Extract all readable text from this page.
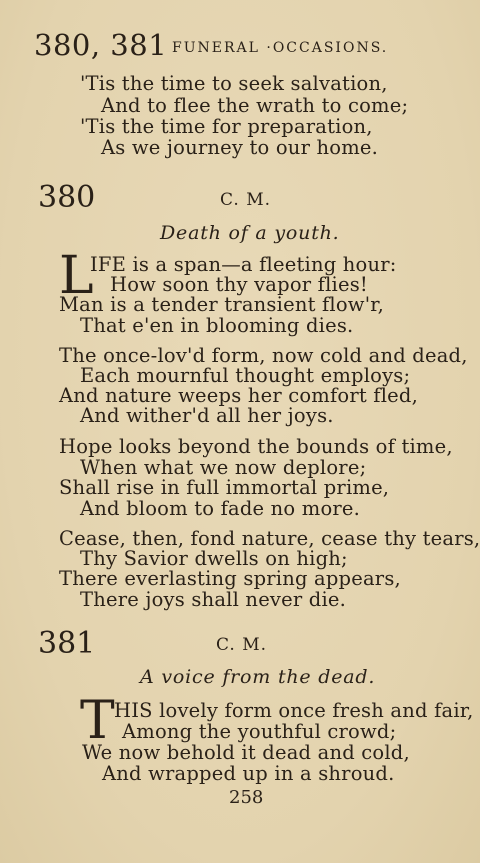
380, 381 FUNERAL ·OCCASIONS.
'Tis the time to seek salvation,
And to flee the wrath to come;
'Tis the time for preparation,
As we journey to our home.
380	C. M.
Death of a youth.
L
IFE is a span—a fleeting hour:
How soon thy vapor flies!
Man is a tender transient flow'r,
That e'en in blooming dies.
The once-lov'd form, now cold and dead,
Each mournful thought employs;
And nature weeps her comfort fled,
And wither'd all her joys.
Hope looks beyond the bounds of time,
When what we now deplore;
Shall rise in full immortal prime,
And bloom to fade no more.
Cease, then, fond nature, cease thy tears,
Thy Savior dwells on high;
There everlasting spring appears,
There joys shall never die.
381	C. M.
A voice from the dead.
T HIS lovely form once fresh and fair,
Among the youthful crowd;
We now behold it dead and cold,
And wrapped up in a shroud.
258
